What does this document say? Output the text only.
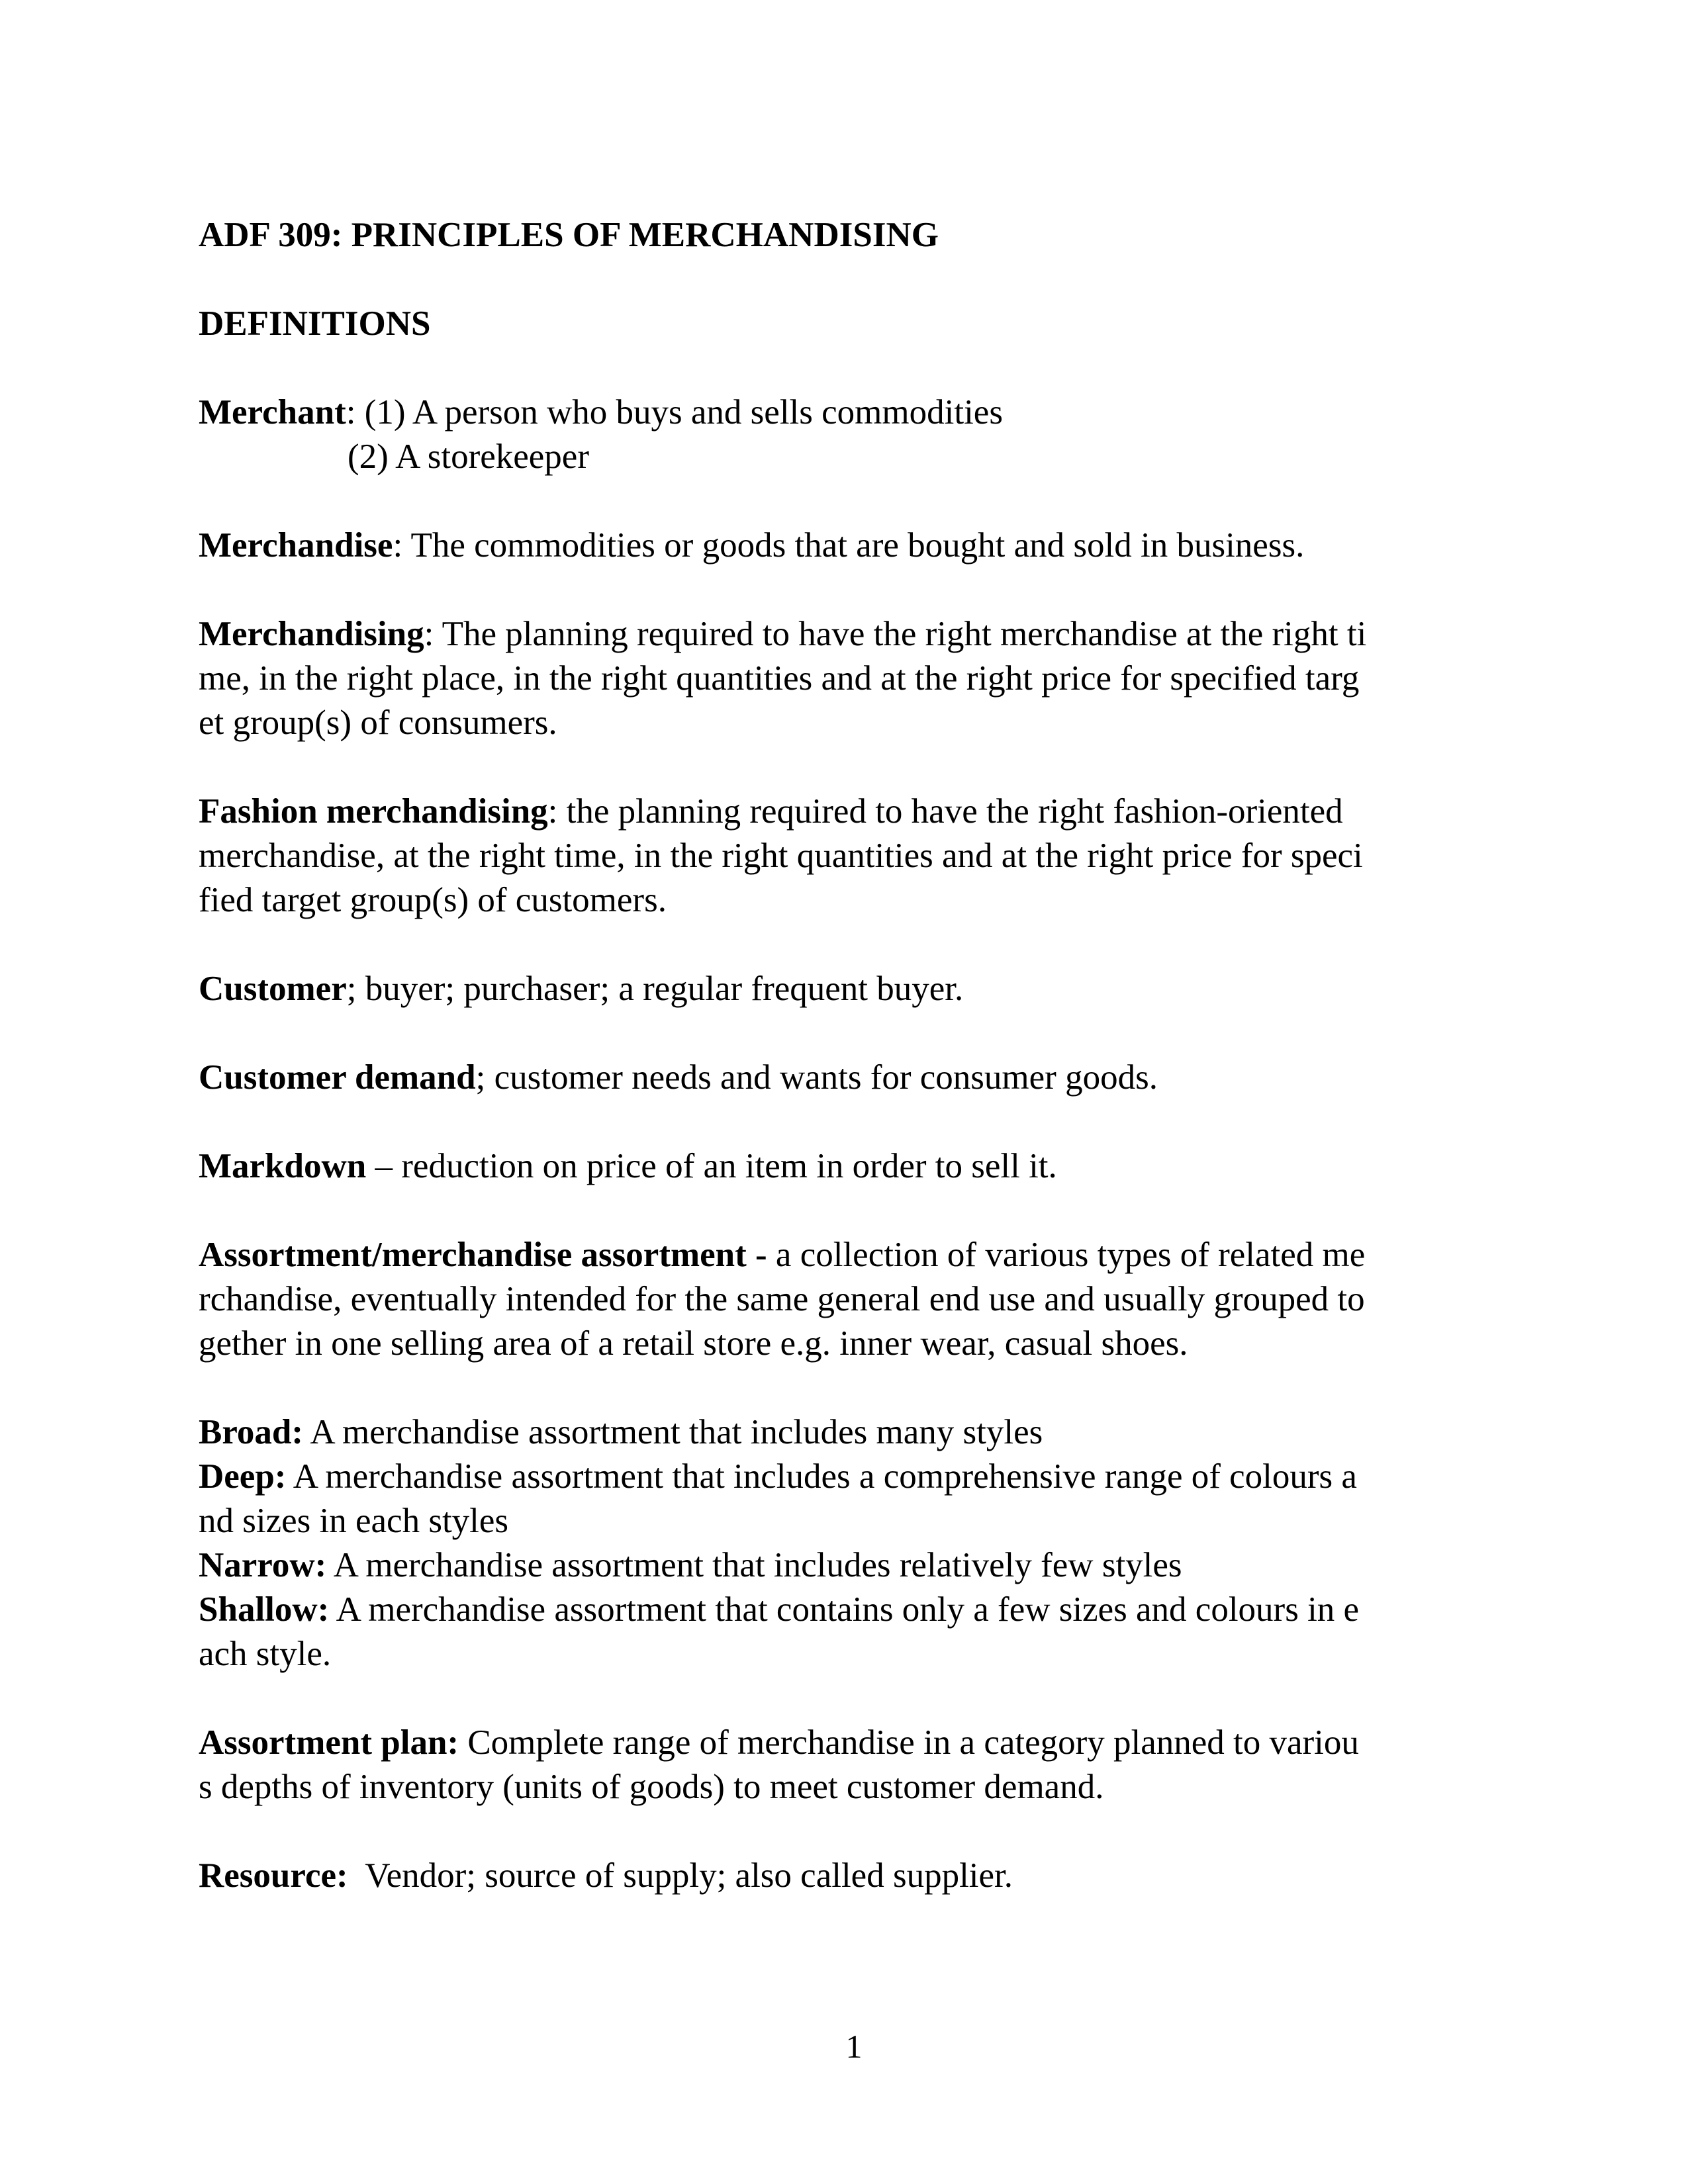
ADF 309: PRINCIPLES OF MERCHANDISING
DEFINITIONS
Merchant: (1) A person who buys and sells commodities
(2) A storekeeper
Merchandise: The commodities or goods that are bought and sold in business.
Merchandising: The planning required to have the right merchandise at the right ti
me, in the right place, in the right quantities and at the right price for specified targ
et group(s) of consumers.
Fashion merchandising: the planning required to have the right fashion-oriented
merchandise, at the right time, in the right quantities and at the right price for speci
fied target group(s) of customers.
Customer; buyer; purchaser; a regular frequent buyer.
Customer demand; customer needs and wants for consumer goods.
Markdown – reduction on price of an item in order to sell it.
Assortment/merchandise assortment - a collection of various types of related me
rchandise, eventually intended for the same general end use and usually grouped to
gether in one selling area of a retail store e.g. inner wear, casual shoes.
Broad: A merchandise assortment that includes many styles
Deep: A merchandise assortment that includes a comprehensive range of colours a
nd sizes in each styles
Narrow: A merchandise assortment that includes relatively few styles
Shallow: A merchandise assortment that contains only a few sizes and colours in e
ach style.
Assortment plan: Complete range of merchandise in a category planned to variou
s depths of inventory (units of goods) to meet customer demand.
Resource:  Vendor; source of supply; also called supplier.
1
